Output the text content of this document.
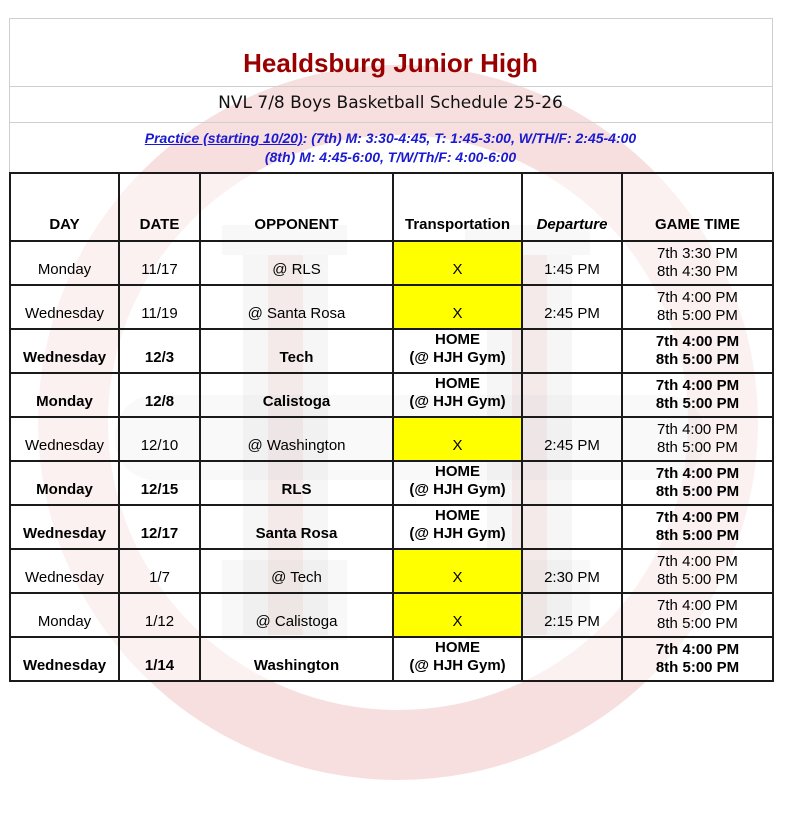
Healdsburg Junior High
NVL 7/8 Boys Basketball Schedule 25-26
Practice (starting 10/20): (7th) M: 3:30-4:45, T: 1:45-3:00, W/TH/F: 2:45-4:00
(8th) M: 4:45-6:00, T/W/Th/F: 4:00-6:00
DAY	DATE	OPPONENT	Transportation	Departure	GAME TIME
Monday	11/17	@ RLS	X	1:45 PM	7th 3:30 PM
8th 4:30 PM

Wednesday	11/19	@ Santa Rosa	X	2:45 PM	7th 4:00 PM
8th 5:00 PM

Wednesday	12/3	Tech	HOME
(@ HJH Gym)		7th 4:00 PM
8th 5:00 PM

Monday	12/8	Calistoga	HOME
(@ HJH Gym)		7th 4:00 PM
8th 5:00 PM

Wednesday	12/10	@ Washington	X	2:45 PM	7th 4:00 PM
8th 5:00 PM

Monday	12/15	RLS	HOME
(@ HJH Gym)		7th 4:00 PM
8th 5:00 PM

Wednesday	12/17	Santa Rosa	HOME
(@ HJH Gym)		7th 4:00 PM
8th 5:00 PM

Wednesday	1/7	@ Tech	X	2:30 PM	7th 4:00 PM
8th 5:00 PM

Monday	1/12	@ Calistoga	X	2:15 PM	7th 4:00 PM
8th 5:00 PM

Wednesday	1/14	Washington	HOME
(@ HJH Gym)		7th 4:00 PM
8th 5:00 PM
